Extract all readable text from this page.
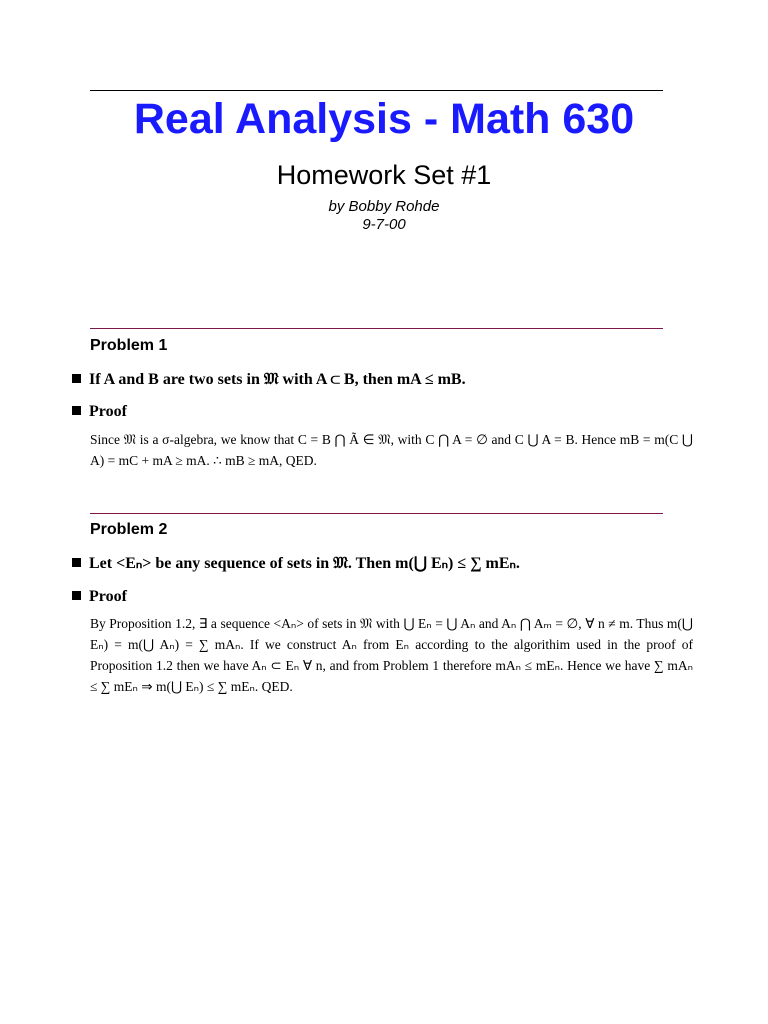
Real Analysis - Math 630
Homework Set #1
by Bobby Rohde
9-7-00
Problem 1
If A and B are two sets in 𝔐 with A ⊂ B, then mA ≤ mB.
Proof
Since 𝔐 is a σ-algebra, we know that C = B ⋂ Ã ∈ 𝔐, with C ⋂ A = ∅ and C ⋃ A = B. Hence mB = m(C ⋃ A) = mC + mA ≥ mA. ∴ mB ≥ mA, QED.
Problem 2
Let <Eₙ> be any sequence of sets in 𝔐. Then m(⋃ Eₙ) ≤ ∑ mEₙ.
Proof
By Proposition 1.2, ∃ a sequence <Aₙ> of sets in 𝔐 with ⋃ Eₙ = ⋃ Aₙ and Aₙ ⋂ Aₘ = ∅, ∀ n ≠ m. Thus m(⋃ Eₙ) = m(⋃ Aₙ) = ∑ mAₙ. If we construct Aₙ from Eₙ according to the algorithim used in the proof of Proposition 1.2 then we have Aₙ ⊂ Eₙ ∀ n, and from Problem 1 therefore mAₙ ≤ mEₙ. Hence we have ∑ mAₙ ≤ ∑ mEₙ ⇒ m(⋃ Eₙ) ≤ ∑ mEₙ. QED.
